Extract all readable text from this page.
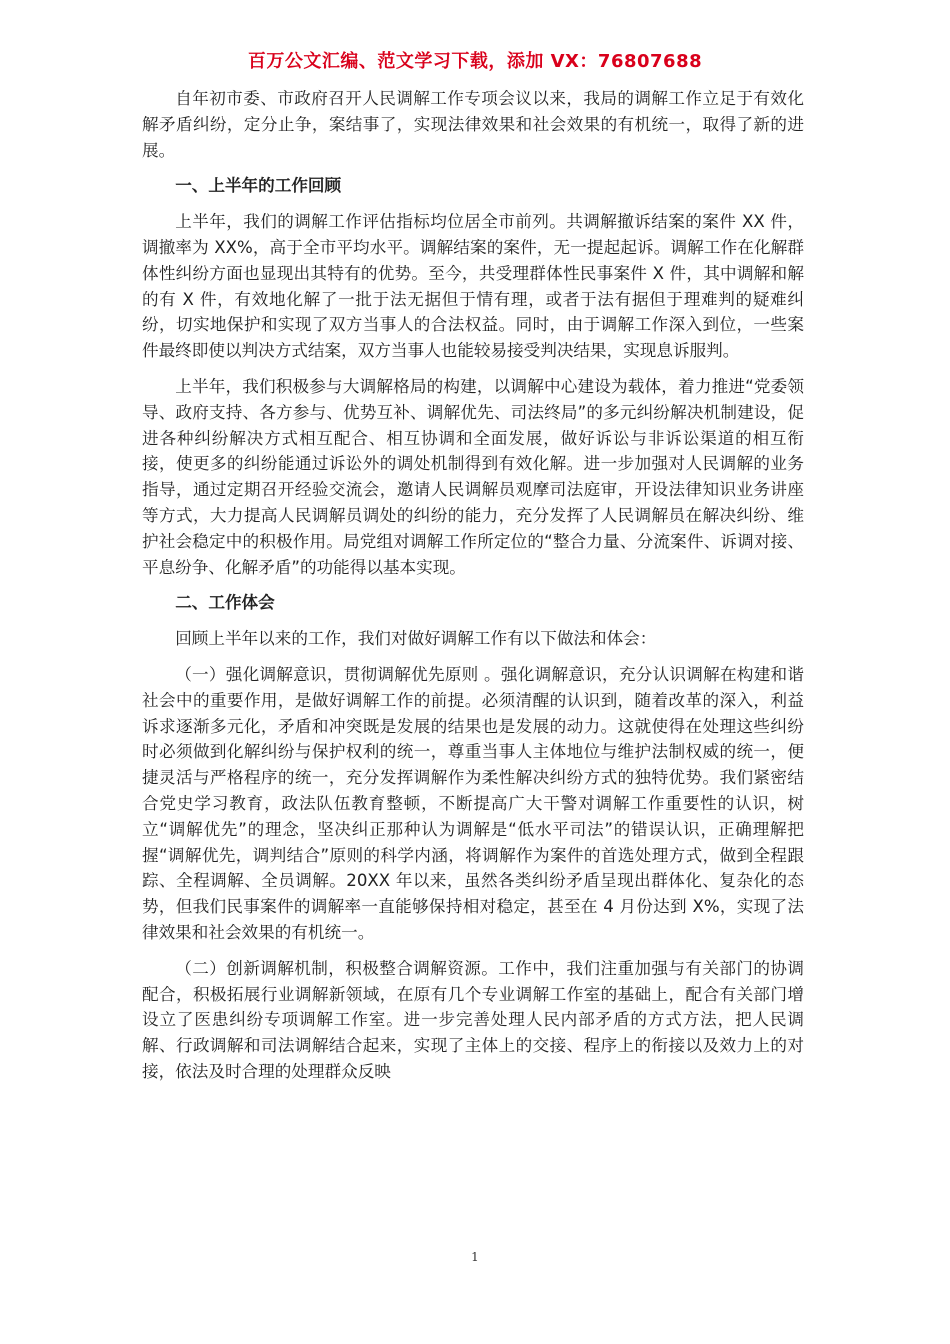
百万公文汇编、范文学习下载，添加 VX：76807688

自年初市委、市政府召开人民调解工作专项会议以来，我局的调解工作立足于有效化解矛盾纠纷，定分止争，案结事了，实现法律效果和社会效果的有机统一，取得了新的进展。

一、上半年的工作回顾

上半年，我们的调解工作评估指标均位居全市前列。共调解撤诉结案的案件 XX 件，调撤率为 XX%，高于全市平均水平。调解结案的案件，无一提起起诉。调解工作在化解群体性纠纷方面也显现出其特有的优势。至今，共受理群体性民事案件 X 件，其中调解和解的有 X 件，有效地化解了一批于法无据但于情有理，或者于法有据但于理难判的疑难纠纷，切实地保护和实现了双方当事人的合法权益。同时，由于调解工作深入到位，一些案件最终即使以判决方式结案，双方当事人也能较易接受判决结果，实现息诉服判。

上半年，我们积极参与大调解格局的构建，以调解中心建设为载体，着力推进“党委领导、政府支持、各方参与、优势互补、调解优先、司法终局”的多元纠纷解决机制建设，促进各种纠纷解决方式相互配合、相互协调和全面发展，做好诉讼与非诉讼渠道的相互衔接，使更多的纠纷能通过诉讼外的调处机制得到有效化解。进一步加强对人民调解的业务指导，通过定期召开经验交流会，邀请人民调解员观摩司法庭审，开设法律知识业务讲座等方式，大力提高人民调解员调处的纠纷的能力，充分发挥了人民调解员在解决纠纷、维护社会稳定中的积极作用。局党组对调解工作所定位的“整合力量、分流案件、诉调对接、平息纷争、化解矛盾”的功能得以基本实现。

二、工作体会

回顾上半年以来的工作，我们对做好调解工作有以下做法和体会：

（一）强化调解意识，贯彻调解优先原则 。强化调解意识，充分认识调解在构建和谐社会中的重要作用，是做好调解工作的前提。必须清醒的认识到，随着改革的深入，利益诉求逐渐多元化，矛盾和冲突既是发展的结果也是发展的动力。这就使得在处理这些纠纷时必须做到化解纠纷与保护权利的统一，尊重当事人主体地位与维护法制权威的统一，便捷灵活与严格程序的统一，充分发挥调解作为柔性解决纠纷方式的独特优势。我们紧密结合党史学习教育，政法队伍教育整顿，不断提高广大干警对调解工作重要性的认识，树立“调解优先”的理念，坚决纠正那种认为调解是“低水平司法”的错误认识，正确理解把握“调解优先，调判结合”原则的科学内涵，将调解作为案件的首选处理方式，做到全程跟踪、全程调解、全员调解。20XX 年以来，虽然各类纠纷矛盾呈现出群体化、复杂化的态势，但我们民事案件的调解率一直能够保持相对稳定，甚至在 4 月份达到 X%，实现了法律效果和社会效果的有机统一。

（二）创新调解机制，积极整合调解资源。工作中，我们注重加强与有关部门的协调配合，积极拓展行业调解新领域，在原有几个专业调解工作室的基础上，配合有关部门增设立了医患纠纷专项调解工作室。进一步完善处理人民内部矛盾的方式方法，把人民调解、行政调解和司法调解结合起来，实现了主体上的交接、程序上的衔接以及效力上的对接，依法及时合理的处理群众反映

1
